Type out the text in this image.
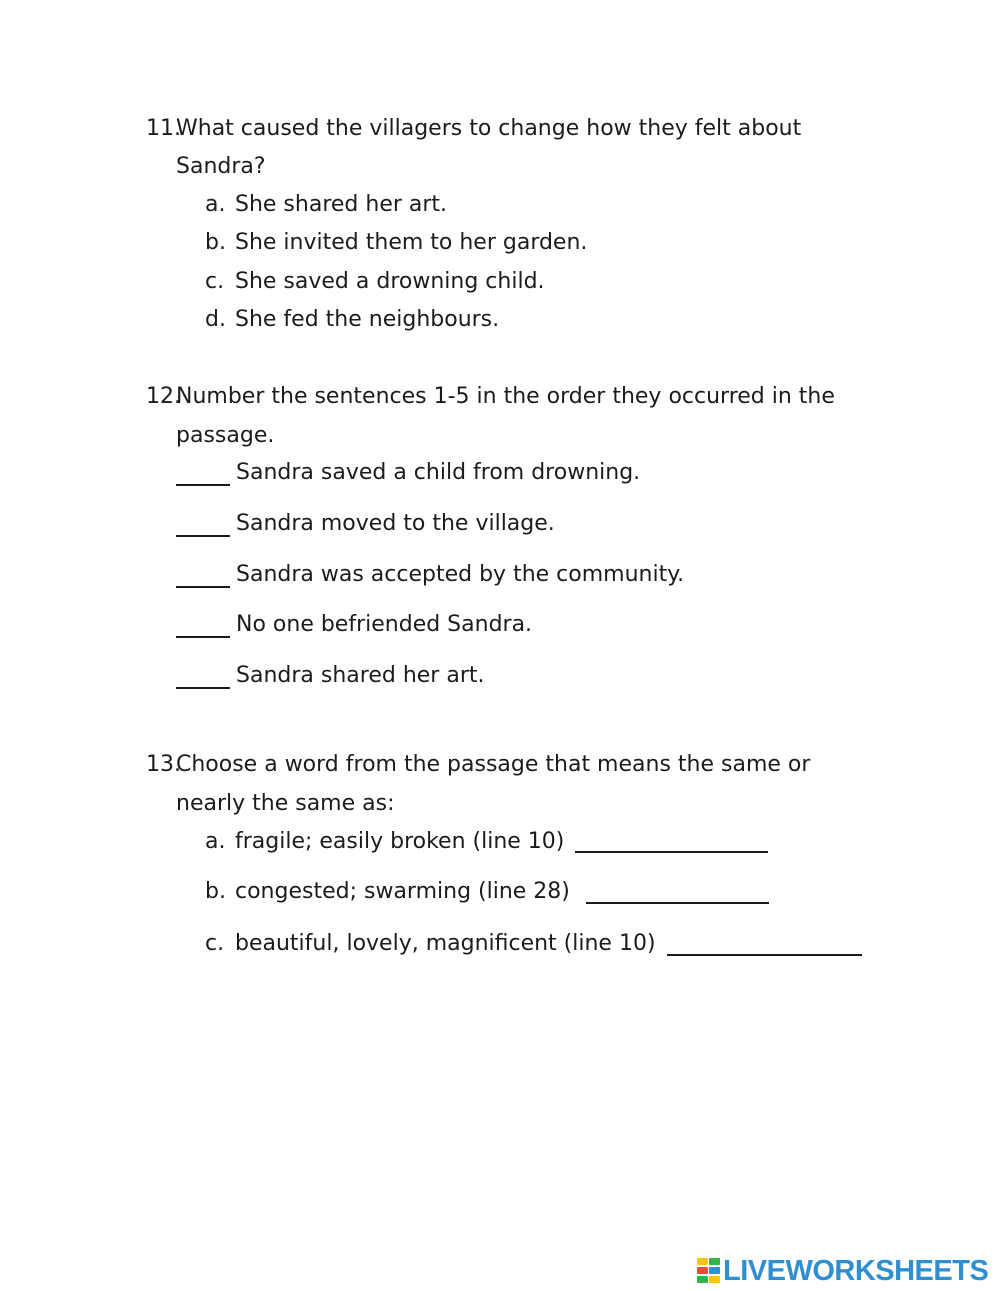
11.
What caused the villagers to change how they felt about
Sandra?
a. She shared her art.
b. She invited them to her garden.
c. She saved a drowning child.
d. She fed the neighbours.
12.
Number the sentences 1-5 in the order they occurred in the
passage.
Sandra saved a child from drowning.
Sandra moved to the village.
Sandra was accepted by the community.
No one befriended Sandra.
Sandra shared her art.
13.
Choose a word from the passage that means the same or
nearly the same as:
a. fragile; easily broken (line 10)
b. congested; swarming (line 28)
c. beautiful, lovely, magnificent (line 10)
LIVEWORKSHEETS
